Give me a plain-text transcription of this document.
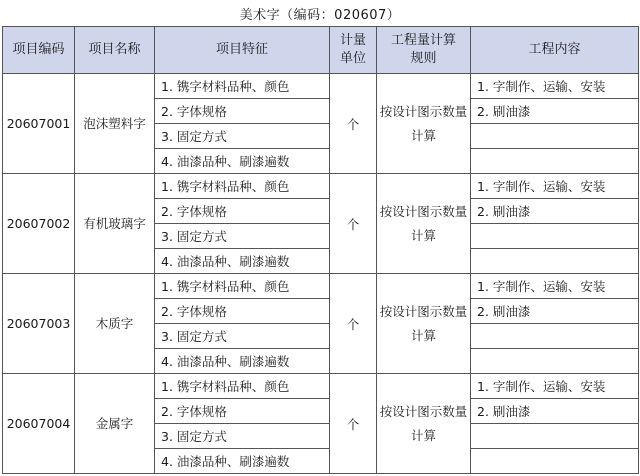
美术字（编码：020607）
项目编码	项目名称	项目特征	计量单位	工程量计算规则	工程内容
20607001	泡沫塑料字	1. 镌字材料品种、颜色	个	按设计图示数量计算	1. 字制作、运输、安装
		2. 字体规格			2. 刷油漆
		3. 固定方式			
		4. 油漆品种、刷漆遍数			
20607002	有机玻璃字	1. 镌字材料品种、颜色	个	按设计图示数量计算	1. 字制作、运输、安装
		2. 字体规格			2. 刷油漆
		3. 固定方式			
		4. 油漆品种、刷漆遍数			
20607003	木质字	1. 镌字材料品种、颜色	个	按设计图示数量计算	1. 字制作、运输、安装
		2. 字体规格			2. 刷油漆
		3. 固定方式			
		4. 油漆品种、刷漆遍数			
20607004	金属字	1. 镌字材料品种、颜色	个	按设计图示数量计算	1. 字制作、运输、安装
		2. 字体规格			2. 刷油漆
		3. 固定方式			
		4. 油漆品种、刷漆遍数			
